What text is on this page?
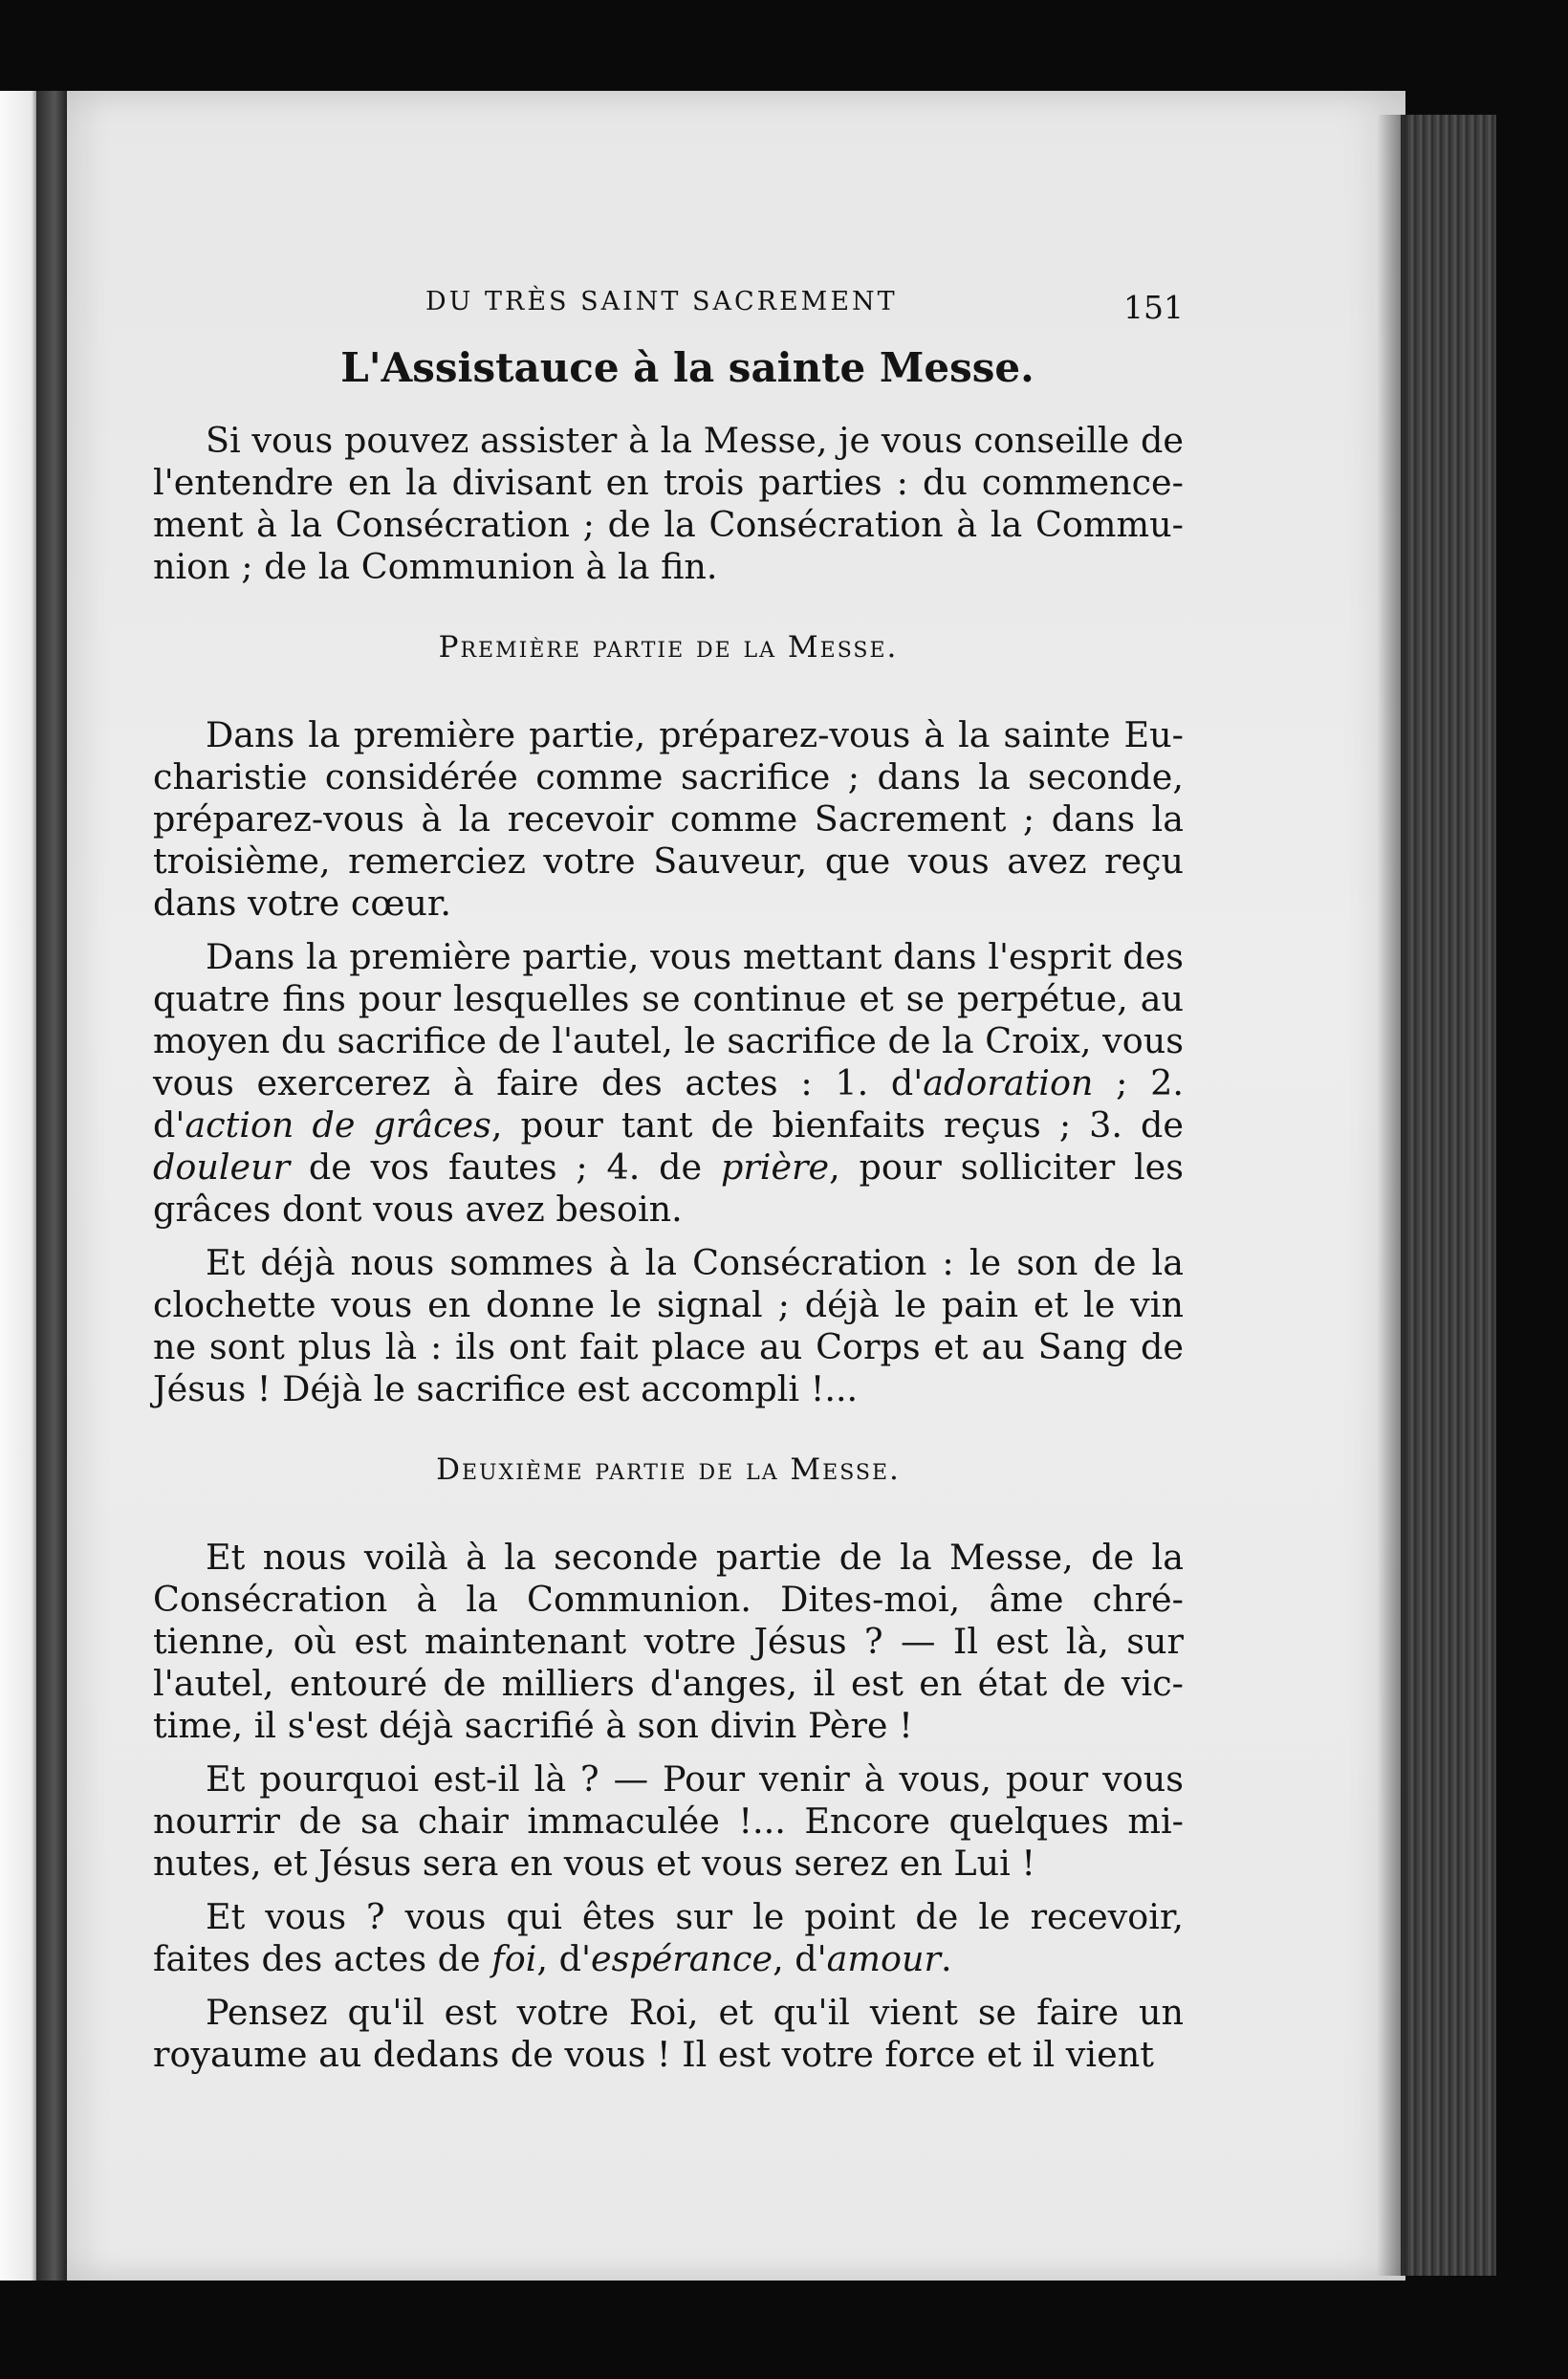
DU TRÈS SAINT SACREMENT	151
L'Assistauce à la sainte Messe.

Si vous pouvez assister à la Messe, je vous conseille de l'entendre en la divisant en trois parties : du commencement à la Consécration ; de la Consécration à la Communion ; de la Communion à la fin.

Première partie de la Messe.

Dans la première partie, préparez-vous à la sainte Eucharistie considérée comme sacrifice ; dans la seconde, préparez-vous à la recevoir comme Sacrement ; dans la troisième, remerciez votre Sauveur, que vous avez reçu dans votre cœur.

Dans la première partie, vous mettant dans l'esprit des quatre fins pour lesquelles se continue et se perpétue, au moyen du sacrifice de l'autel, le sacrifice de la Croix, vous vous exercerez à faire des actes : 1. d'adoration ; 2. d'action de grâces, pour tant de bienfaits reçus ; 3. de douleur de vos fautes ; 4. de prière, pour solliciter les grâces dont vous avez besoin.

Et déjà nous sommes à la Consécration : le son de la clochette vous en donne le signal ; déjà le pain et le vin ne sont plus là : ils ont fait place au Corps et au Sang de Jésus ! Déjà le sacrifice est accompli !...

Deuxième partie de la Messe.

Et nous voilà à la seconde partie de la Messe, de la Consécration à la Communion. Dites-moi, âme chrétienne, où est maintenant votre Jésus ? — Il est là, sur l'autel, entouré de milliers d'anges, il est en état de victime, il s'est déjà sacrifié à son divin Père !

Et pourquoi est-il là ? — Pour venir à vous, pour vous nourrir de sa chair immaculée !... Encore quelques minutes, et Jésus sera en vous et vous serez en Lui !

Et vous ? vous qui êtes sur le point de le recevoir, faites des actes de foi, d'espérance, d'amour.

Pensez qu'il est votre Roi, et qu'il vient se faire un royaume au dedans de vous ! Il est votre force et il vient
